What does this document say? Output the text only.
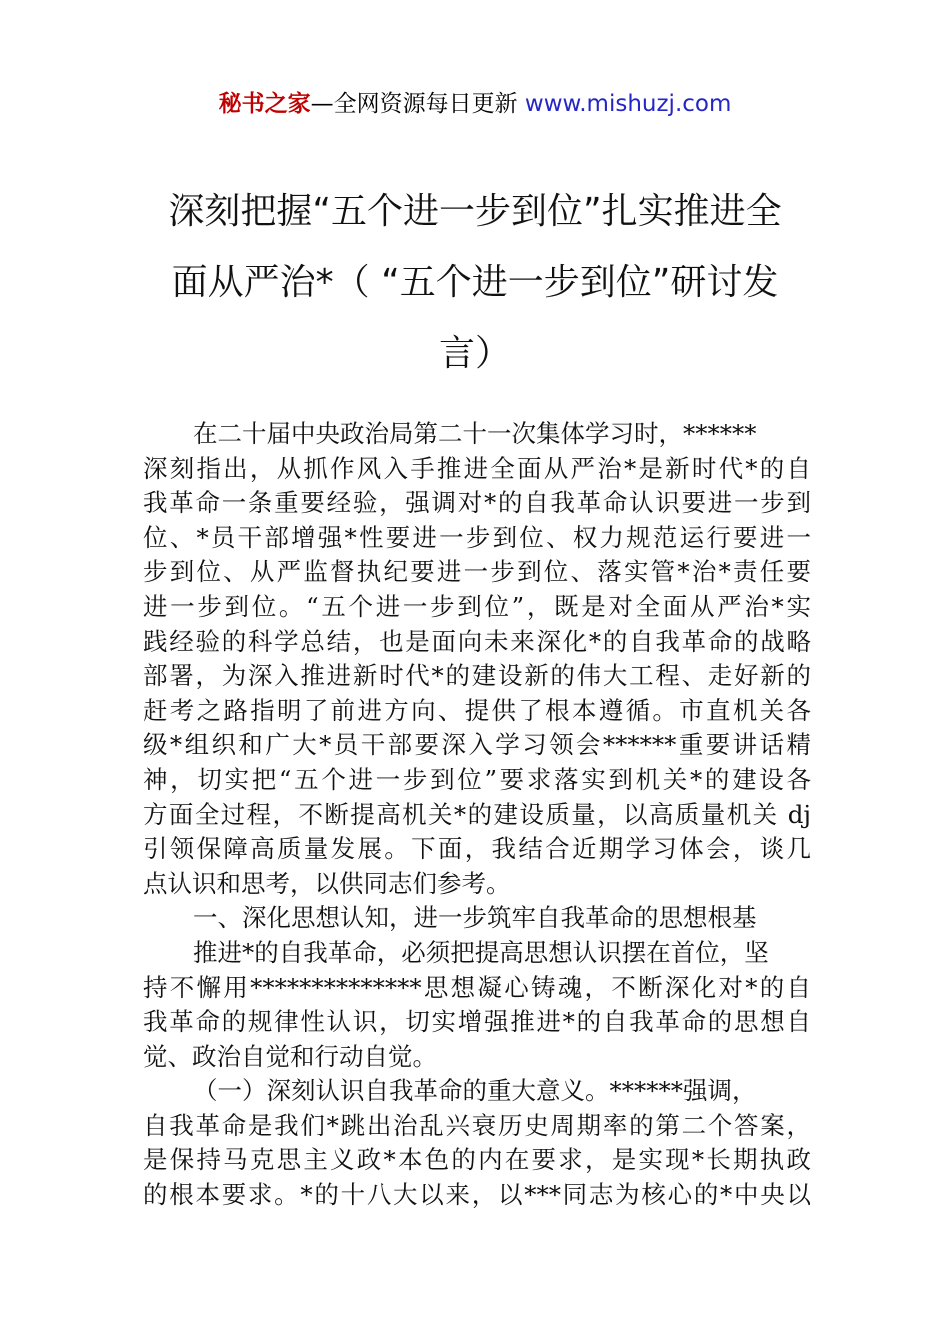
秘书之家—全网资源每日更新 www.mishuzj.com
深刻把握“五个进一步到位”扎实推进全
面从严治*（ “五个进一步到位”研讨发
言）
在二十届中央政治局第二十一次集体学习时，******
深刻指出，从抓作风入手推进全面从严治*是新时代*的自
我革命一条重要经验，强调对*的自我革命认识要进一步到
位、*员干部增强*性要进一步到位、权力规范运行要进一
步到位、从严监督执纪要进一步到位、落实管*治*责任要
进一步到位。“五个进一步到位”，既是对全面从严治*实
践经验的科学总结，也是面向未来深化*的自我革命的战略
部署，为深入推进新时代*的建设新的伟大工程、走好新的
赶考之路指明了前进方向、提供了根本遵循。市直机关各
级*组织和广大*员干部要深入学习领会******重要讲话精
神，切实把“五个进一步到位”要求落实到机关*的建设各
方面全过程，不断提高机关*的建设质量，以高质量机关 dj
引领保障高质量发展。下面，我结合近期学习体会，谈几
点认识和思考，以供同志们参考。
一、深化思想认知，进一步筑牢自我革命的思想根基
推进*的自我革命，必须把提高思想认识摆在首位，坚
持不懈用**************思想凝心铸魂，不断深化对*的自
我革命的规律性认识，切实增强推进*的自我革命的思想自
觉、政治自觉和行动自觉。
（一）深刻认识自我革命的重大意义。******强调，
自我革命是我们*跳出治乱兴衰历史周期率的第二个答案，
是保持马克思主义政*本色的内在要求，是实现*长期执政
的根本要求。*的十八大以来，以***同志为核心的*中央以
